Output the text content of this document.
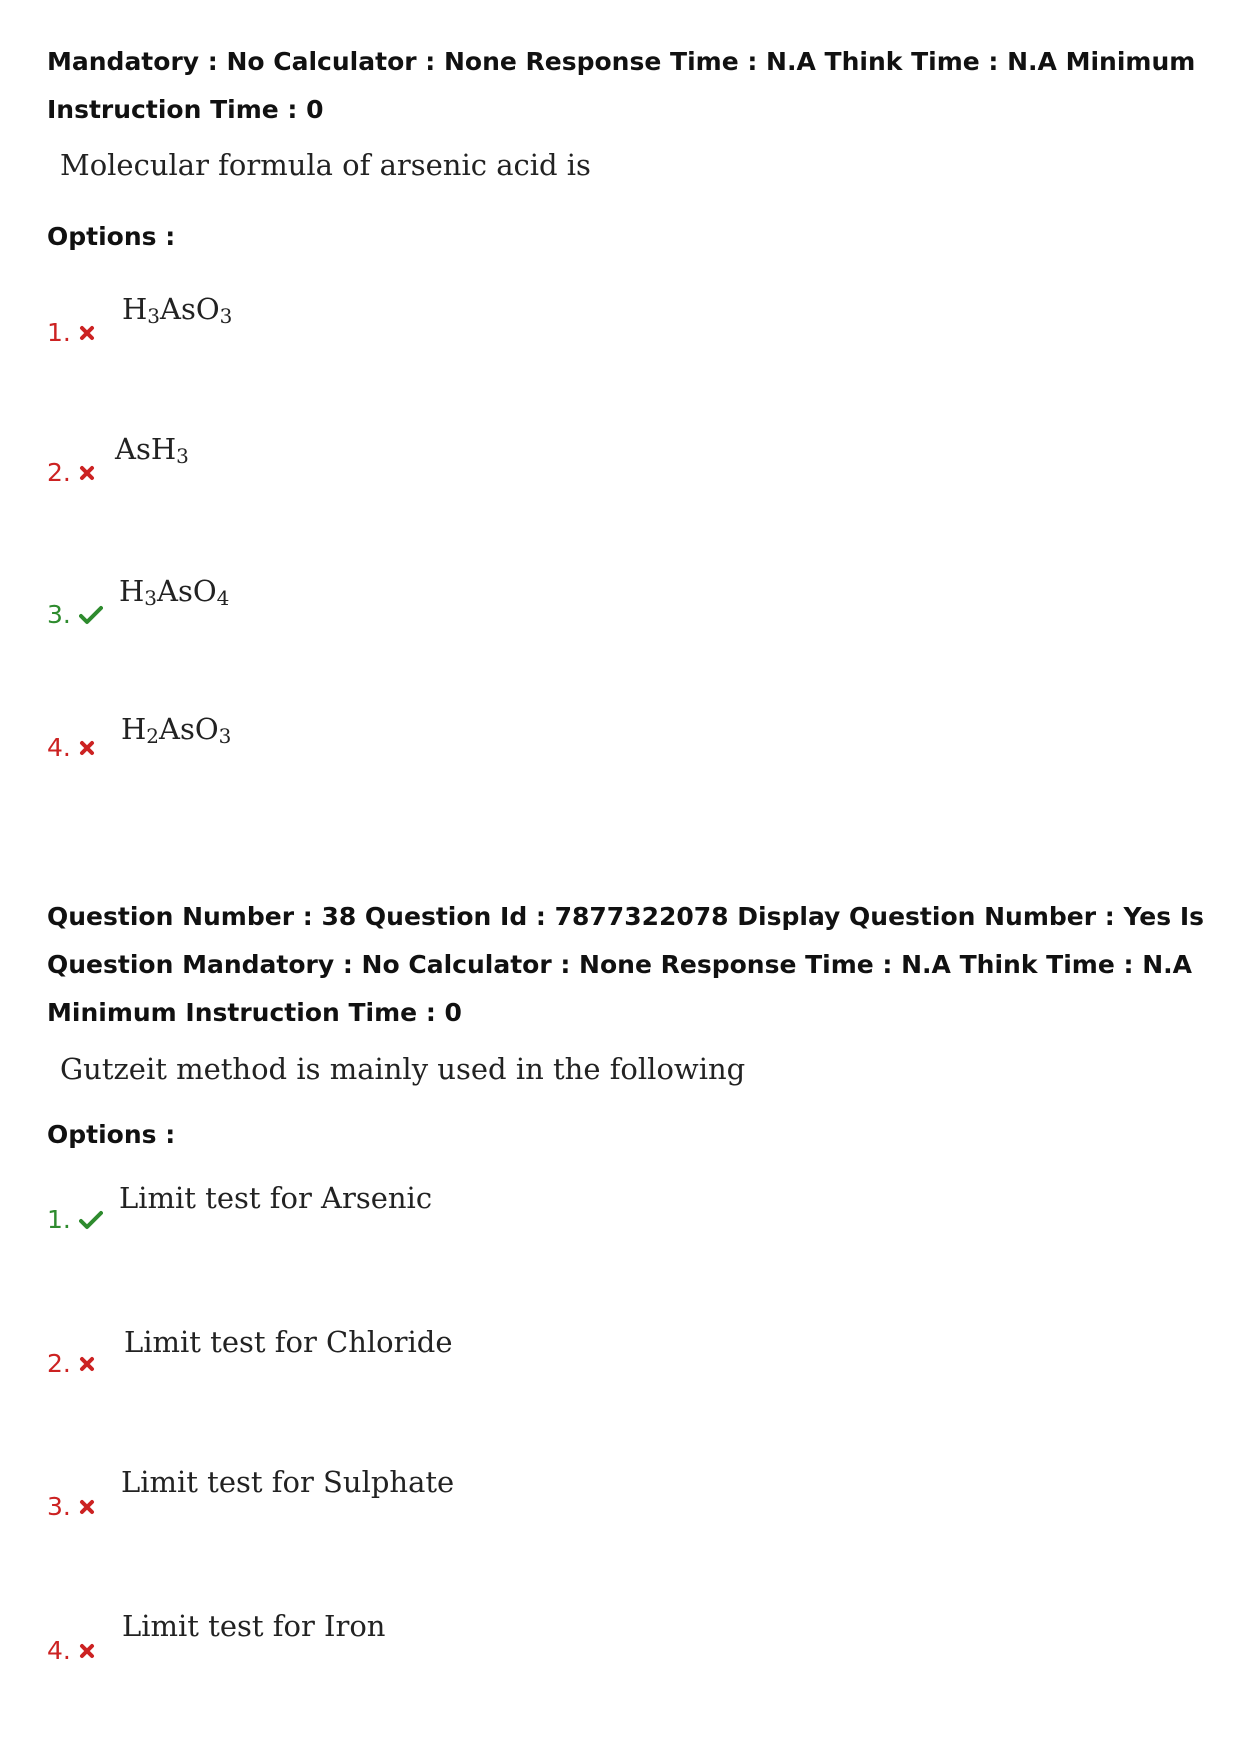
Mandatory : No Calculator : None Response Time : N.A Think Time : N.A Minimum Instruction Time : 0

Molecular formula of arsenic acid is
Options :
1.
$H_3AsO_3$
2.
AsH$_3$
3.
$H_3AsO_4$
4.
$H_2AsO_3$

Question Number : 38 Question Id : 7877322078 Display Question Number : Yes Is Question Mandatory : No Calculator : None Response Time : N.A Think Time : N.A Minimum Instruction Time : 0

Gutzeit method is mainly used in the following
Options :
1.
Limit test for Arsenic
2.
Limit test for Chloride
3.
Limit test for Sulphate
4.
Limit test for Iron
